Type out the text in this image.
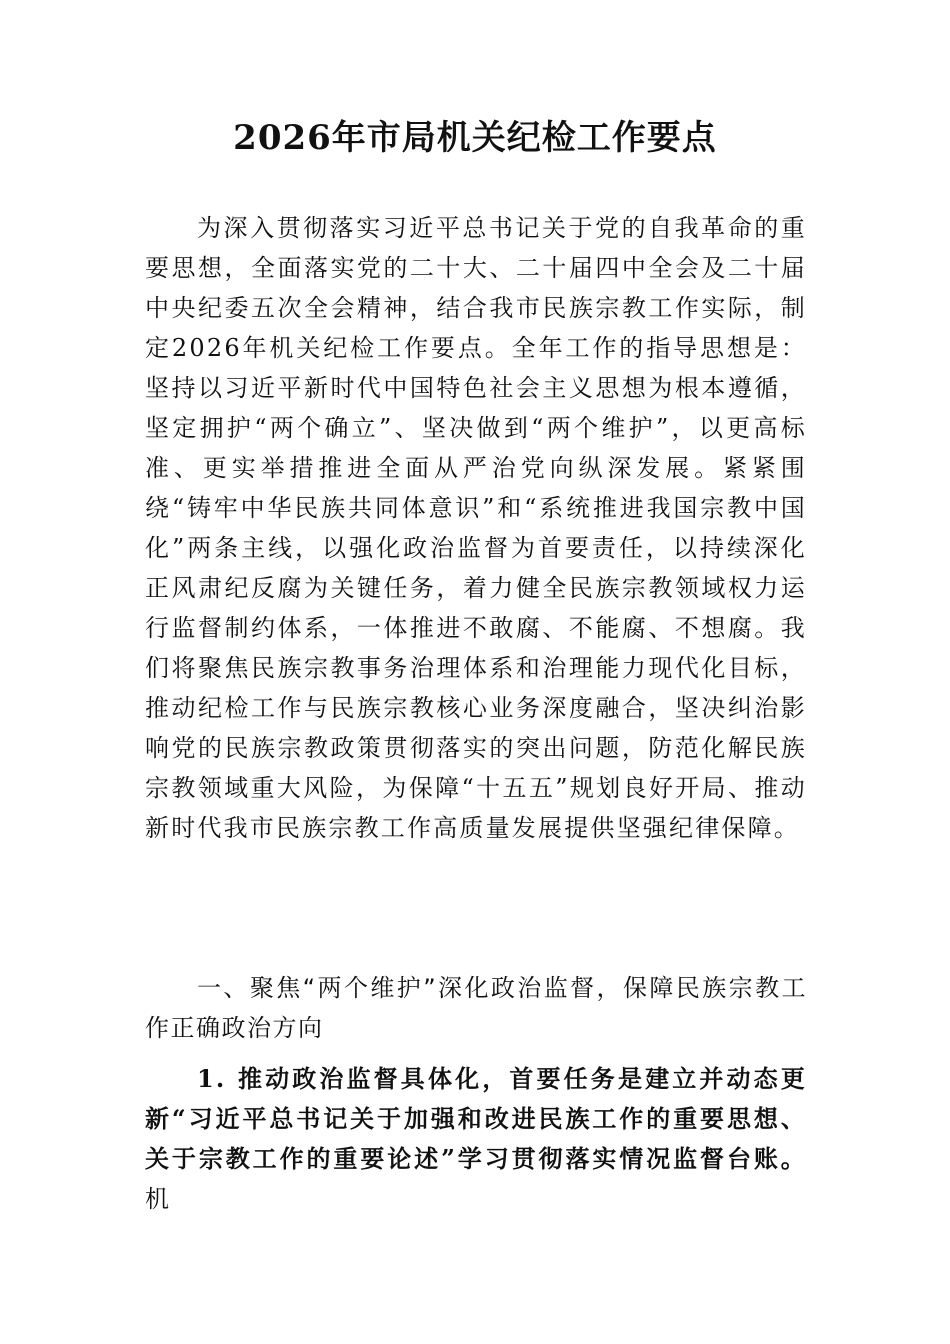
2026年市局机关纪检工作要点

为深入贯彻落实习近平总书记关于党的自我革命的重要思想，全面落实党的二十大、二十届四中全会及二十届中央纪委五次全会精神，结合我市民族宗教工作实际，制定2026年机关纪检工作要点。全年工作的指导思想是：坚持以习近平新时代中国特色社会主义思想为根本遵循，坚定拥护“两个确立”、坚决做到“两个维护”，以更高标准、更实举措推进全面从严治党向纵深发展。紧紧围绕“铸牢中华民族共同体意识”和“系统推进我国宗教中国化”两条主线，以强化政治监督为首要责任，以持续深化正风肃纪反腐为关键任务，着力健全民族宗教领域权力运行监督制约体系，一体推进不敢腐、不能腐、不想腐。我们将聚焦民族宗教事务治理体系和治理能力现代化目标，推动纪检工作与民族宗教核心业务深度融合，坚决纠治影响党的民族宗教政策贯彻落实的突出问题，防范化解民族宗教领域重大风险，为保障“十五五”规划良好开局、推动新时代我市民族宗教工作高质量发展提供坚强纪律保障。

一、聚焦“两个维护”深化政治监督，保障民族宗教工作正确政治方向

1. 推动政治监督具体化，首要任务是建立并动态更新“习近平总书记关于加强和改进民族工作的重要思想、关于宗教工作的重要论述”学习贯彻落实情况监督台账。机
